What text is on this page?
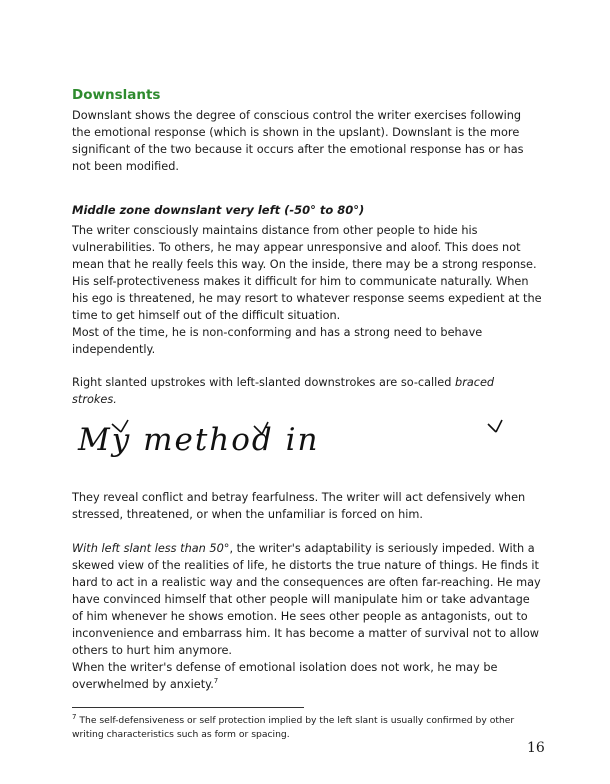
Downslants

Downslant shows the degree of conscious control the writer exercises following the emotional response (which is shown in the upslant). Downslant is the more significant of the two because it occurs after the emotional response has or has not been modified.

Middle zone downslant very left (-50° to 80°)

The writer consciously maintains distance from other people to hide his vulnerabilities. To others, he may appear unresponsive and aloof. This does not mean that he really feels this way. On the inside, there may be a strong response.

His self-protectiveness makes it difficult for him to communicate naturally. When his ego is threatened, he may resort to whatever response seems expedient at the time to get himself out of the difficult situation.

Most of the time, he is non-conforming and has a strong need to behave independently.

Right slanted upstrokes with left-slanted downstrokes are so-called braced strokes.

My method in

They reveal conflict and betray fearfulness. The writer will act defensively when stressed, threatened, or when the unfamiliar is forced on him.

With left slant less than 50°, the writer's adaptability is seriously impeded. With a skewed view of the realities of life, he distorts the true nature of things. He finds it hard to act in a realistic way and the consequences are often far-reaching. He may have convinced himself that other people will manipulate him or take advantage of him whenever he shows emotion. He sees other people as antagonists, out to inconvenience and embarrass him. It has become a matter of survival not to allow others to hurt him anymore.

When the writer's defense of emotional isolation does not work, he may be overwhelmed by anxiety.$^7$

$^7$ The self-defensiveness or self protection implied by the left slant is usually confirmed by other writing characteristics such as form or spacing.
16
